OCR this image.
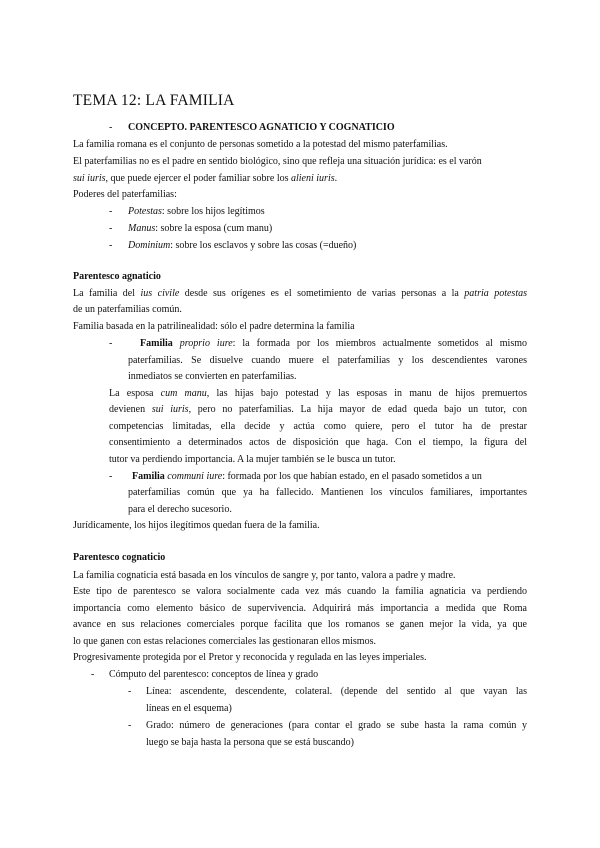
TEMA 12: LA FAMILIA
- CONCEPTO. PARENTESCO AGNATICIO Y COGNATICIO
La familia romana es el conjunto de personas sometido a la potestad del mismo paterfamilias.
El paterfamilias no es el padre en sentido biológico, sino que refleja una situación jurídica: es el varón
sui iuris, que puede ejercer el poder familiar sobre los alieni iuris.
Poderes del paterfamilias:
- Potestas: sobre los hijos legítimos
- Manus: sobre la esposa (cum manu)
- Dominium: sobre los esclavos y sobre las cosas (=dueño)
Parentesco agnaticio
La familia del ius civile desde sus orígenes es el sometimiento de varias personas a la patria potestas
de un paterfamilias común.
Familia basada en la patrilinealidad: sólo el padre determina la familia
-	Familia proprio iure: la formada por los miembros actualmente sometidos al mismo
paterfamilias. Se disuelve cuando muere el paterfamilias y los descendientes varones
inmediatos se convierten en paterfamilias.
La esposa cum manu, las hijas bajo potestad y las esposas in manu de hijos premuertos
devienen sui iuris, pero no paterfamilias. La hija mayor de edad queda bajo un tutor, con
competencias limitadas, ella decide y actúa como quiere, pero el tutor ha de prestar
consentimiento a determinados actos de disposición que haga. Con el tiempo, la figura del
tutor va perdiendo importancia. A la mujer también se le busca un tutor.
-	Familia communi iure: formada por los que habían estado, en el pasado sometidos a un
paterfamilias común que ya ha fallecido. Mantienen los vínculos familiares, importantes
para el derecho sucesorio.
Jurídicamente, los hijos ilegítimos quedan fuera de la familia.
Parentesco cognaticio
La familia cognaticia está basada en los vínculos de sangre y, por tanto, valora a padre y madre.
Este tipo de parentesco se valora socialmente cada vez más cuando la familia agnaticia va perdiendo
importancia como elemento básico de supervivencia. Adquirirá más importancia a medida que Roma
avance en sus relaciones comerciales porque facilita que los romanos se ganen mejor la vida, ya que
lo que ganen con estas relaciones comerciales las gestionaran ellos mismos.
Progresivamente protegida por el Pretor y reconocida y regulada en las leyes imperiales.
- Cómputo del parentesco: conceptos de línea y grado
- Línea: ascendente, descendente, colateral. (depende del sentido al que vayan las
líneas en el esquema)
- Grado: número de generaciones (para contar el grado se sube hasta la rama común y
luego se baja hasta la persona que se está buscando)
